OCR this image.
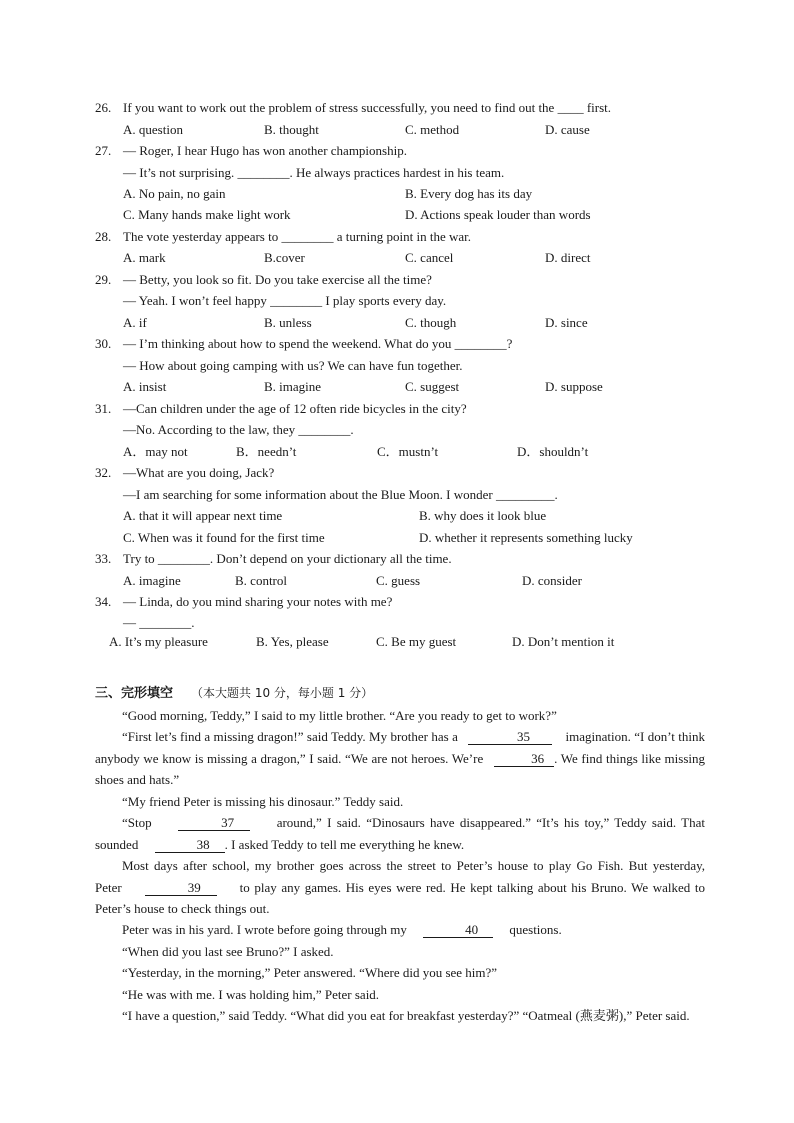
26. If you want to work out the problem of stress successfully, you need to find out the ____ first.
A. question	B. thought	C. method	D. cause
27. — Roger, I hear Hugo has won another championship.
— It’s not surprising. ________. He always practices hardest in his team.
A. No pain, no gain	B. Every dog has its day
C. Many hands make light work	D. Actions speak louder than words
28. The vote yesterday appears to ________ a turning point in the war.
A. mark	B.cover	C. cancel	D. direct
29. — Betty, you look so fit. Do you take exercise all the time?
— Yeah. I won’t feel happy ________ I play sports every day.
A. if	B. unless	C. though	D. since
30. — I’m thinking about how to spend the weekend. What do you ________?
— How about going camping with us? We can have fun together.
A. insist	B. imagine	C. suggest	D. suppose
31. —Can children under the age of 12 often ride bicycles in the city?
—No. According to the law, they ________.
A．may not	B．needn’t	C．mustn’t	D．shouldn’t
32. —What are you doing, Jack?
—I am searching for some information about the Blue Moon. I wonder _________.
A. that it will appear next time	B. why does it look blue
C. When was it found for the first time	D. whether it represents something lucky
33. Try to ________. Don’t depend on your dictionary all the time.
A. imagine	B. control	C. guess	D. consider
34. — Linda, do you mind sharing your notes with me?
— ________.
A. It’s my pleasure	B. Yes, please	C. Be my guest	D. Don’t mention it
三、完形填空 （本大题共 10 分，每小题 1 分）
“Good morning, Teddy,” I said to my little brother. “Are you ready to get to work?”
“First let’s find a missing dragon!” said Teddy. My brother has a	35	imagination. “I don’t think anybody we know is missing a dragon,” I said. “We are not heroes. We’re	36 . We find things like missing shoes and hats.”
“My friend Peter is missing his dinosaur.” Teddy said.
“Stop	37	around,” I said. “Dinosaurs have disappeared.” “It’s his toy,” Teddy said. That sounded	38 . I asked Teddy to tell me everything he knew.
Most days after school, my brother goes across the street to Peter’s house to play Go Fish. But yesterday, Peter	39	to play any games. His eyes were red. He kept talking about his Bruno. We walked to Peter’s house to check things out.
Peter was in his yard. I wrote before going through my	40 questions.
“When did you last see Bruno?” I asked.
“Yesterday, in the morning,” Peter answered. “Where did you see him?”
“He was with me. I was holding him,” Peter said.
“I have a question,” said Teddy. “What did you eat for breakfast yesterday?” “Oatmeal (燕麦粥),” Peter said.
